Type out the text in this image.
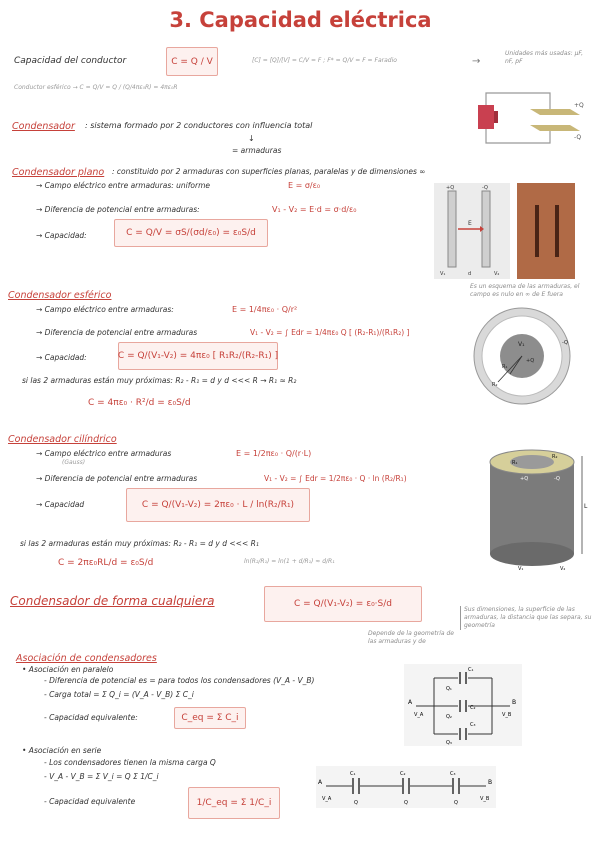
3. Capacidad eléctrica
Capacidad del conductor	C = Q / V	[C] = [Q]/[V] = C/V = F ; F* = Q/V = F = Faradio	→
Unidades más usadas: μF, nF, pF
Conductor esférico → C = Q/V = Q / (Q/4πε₀R) = 4πε₀R
+Q
-Q
Condensador : sistema formado por 2 conductores con influencia total
↓
= armaduras
Condensador plano : constituido por 2 armaduras con superficies planas, paralelas y de dimensiones ∞
→ Campo eléctrico entre armaduras: uniforme	E = σ/ε₀
→ Diferencia de potencial entre armaduras:	V₁ - V₂ = E·d = σ·d/ε₀
→ Capacidad:	C = Q/V = σS/(σd/ε₀) = ε₀S/d
+Q	-Q
E
V₁	d	V₂
Es un esquema de las armaduras, el campo es nulo en ∞ de E fuera
Condensador esférico
→ Campo eléctrico entre armaduras:	E = 1/4πε₀ · Q/r²
→ Diferencia de potencial entre armaduras	V₁ - V₂ = ∫ Edr = 1/4πε₀ Q [ (R₂-R₁)/(R₁R₂) ]
→ Capacidad:	C = Q/(V₁-V₂) = 4πε₀ [ R₁R₂/(R₂-R₁) ]
si las 2 armaduras están muy próximas: R₂ - R₁ = d y d <<< R → R₁ ≈ R₂
C = 4πε₀ · R²/d = ε₀S/d
V₁
R₁
R₂
+Q
-Q
Condensador cilíndrico
→ Campo eléctrico entre armaduras
(Gauss)
E = 1/2πε₀ · Q/(r·L)
→ Diferencia de potencial entre armaduras	V₁ - V₂ = ∫ Edr = 1/2πε₀ · Q · ln (R₂/R₁)
→ Capacidad	C = Q/(V₁-V₂) = 2πε₀ · L / ln(R₂/R₁)
si las 2 armaduras están muy próximas: R₂ - R₁ = d y d <<< R₁
ln(R₂/R₁) = ln(1 + d/R₁) ≈ d/R₁
C = 2πε₀RL/d = ε₀S/d
R₁
R₂
+Q	-Q
L
V₁	V₂
Condensador de forma cualquiera	C = Q/(V₁-V₂) = ε₀·S/d
Depende de la geometría de las armaduras y de
Sus dimensiones, la superficie de las armaduras, la distancia que las separa, su geometría
Asociación de condensadores
• Asociación en paralelo
- Diferencia de potencial es = para todos los condensadores (V_A - V_B)
- Carga total = Σ Q_i = (V_A - V_B) Σ C_i
- Capacidad equivalente:	C_eq = Σ C_i
Q₁
C₁
Q₂
C₂
Q₃
C₃
A	B
V_A	V_B
• Asociación en serie
- Los condensadores tienen la misma carga Q
- V_A - V_B = Σ V_i = Q Σ 1/C_i
- Capacidad equivalente	1/C_eq = Σ 1/C_i
C₁	C₂	C₃
A	B
V_A	V_B
Q	Q	Q
